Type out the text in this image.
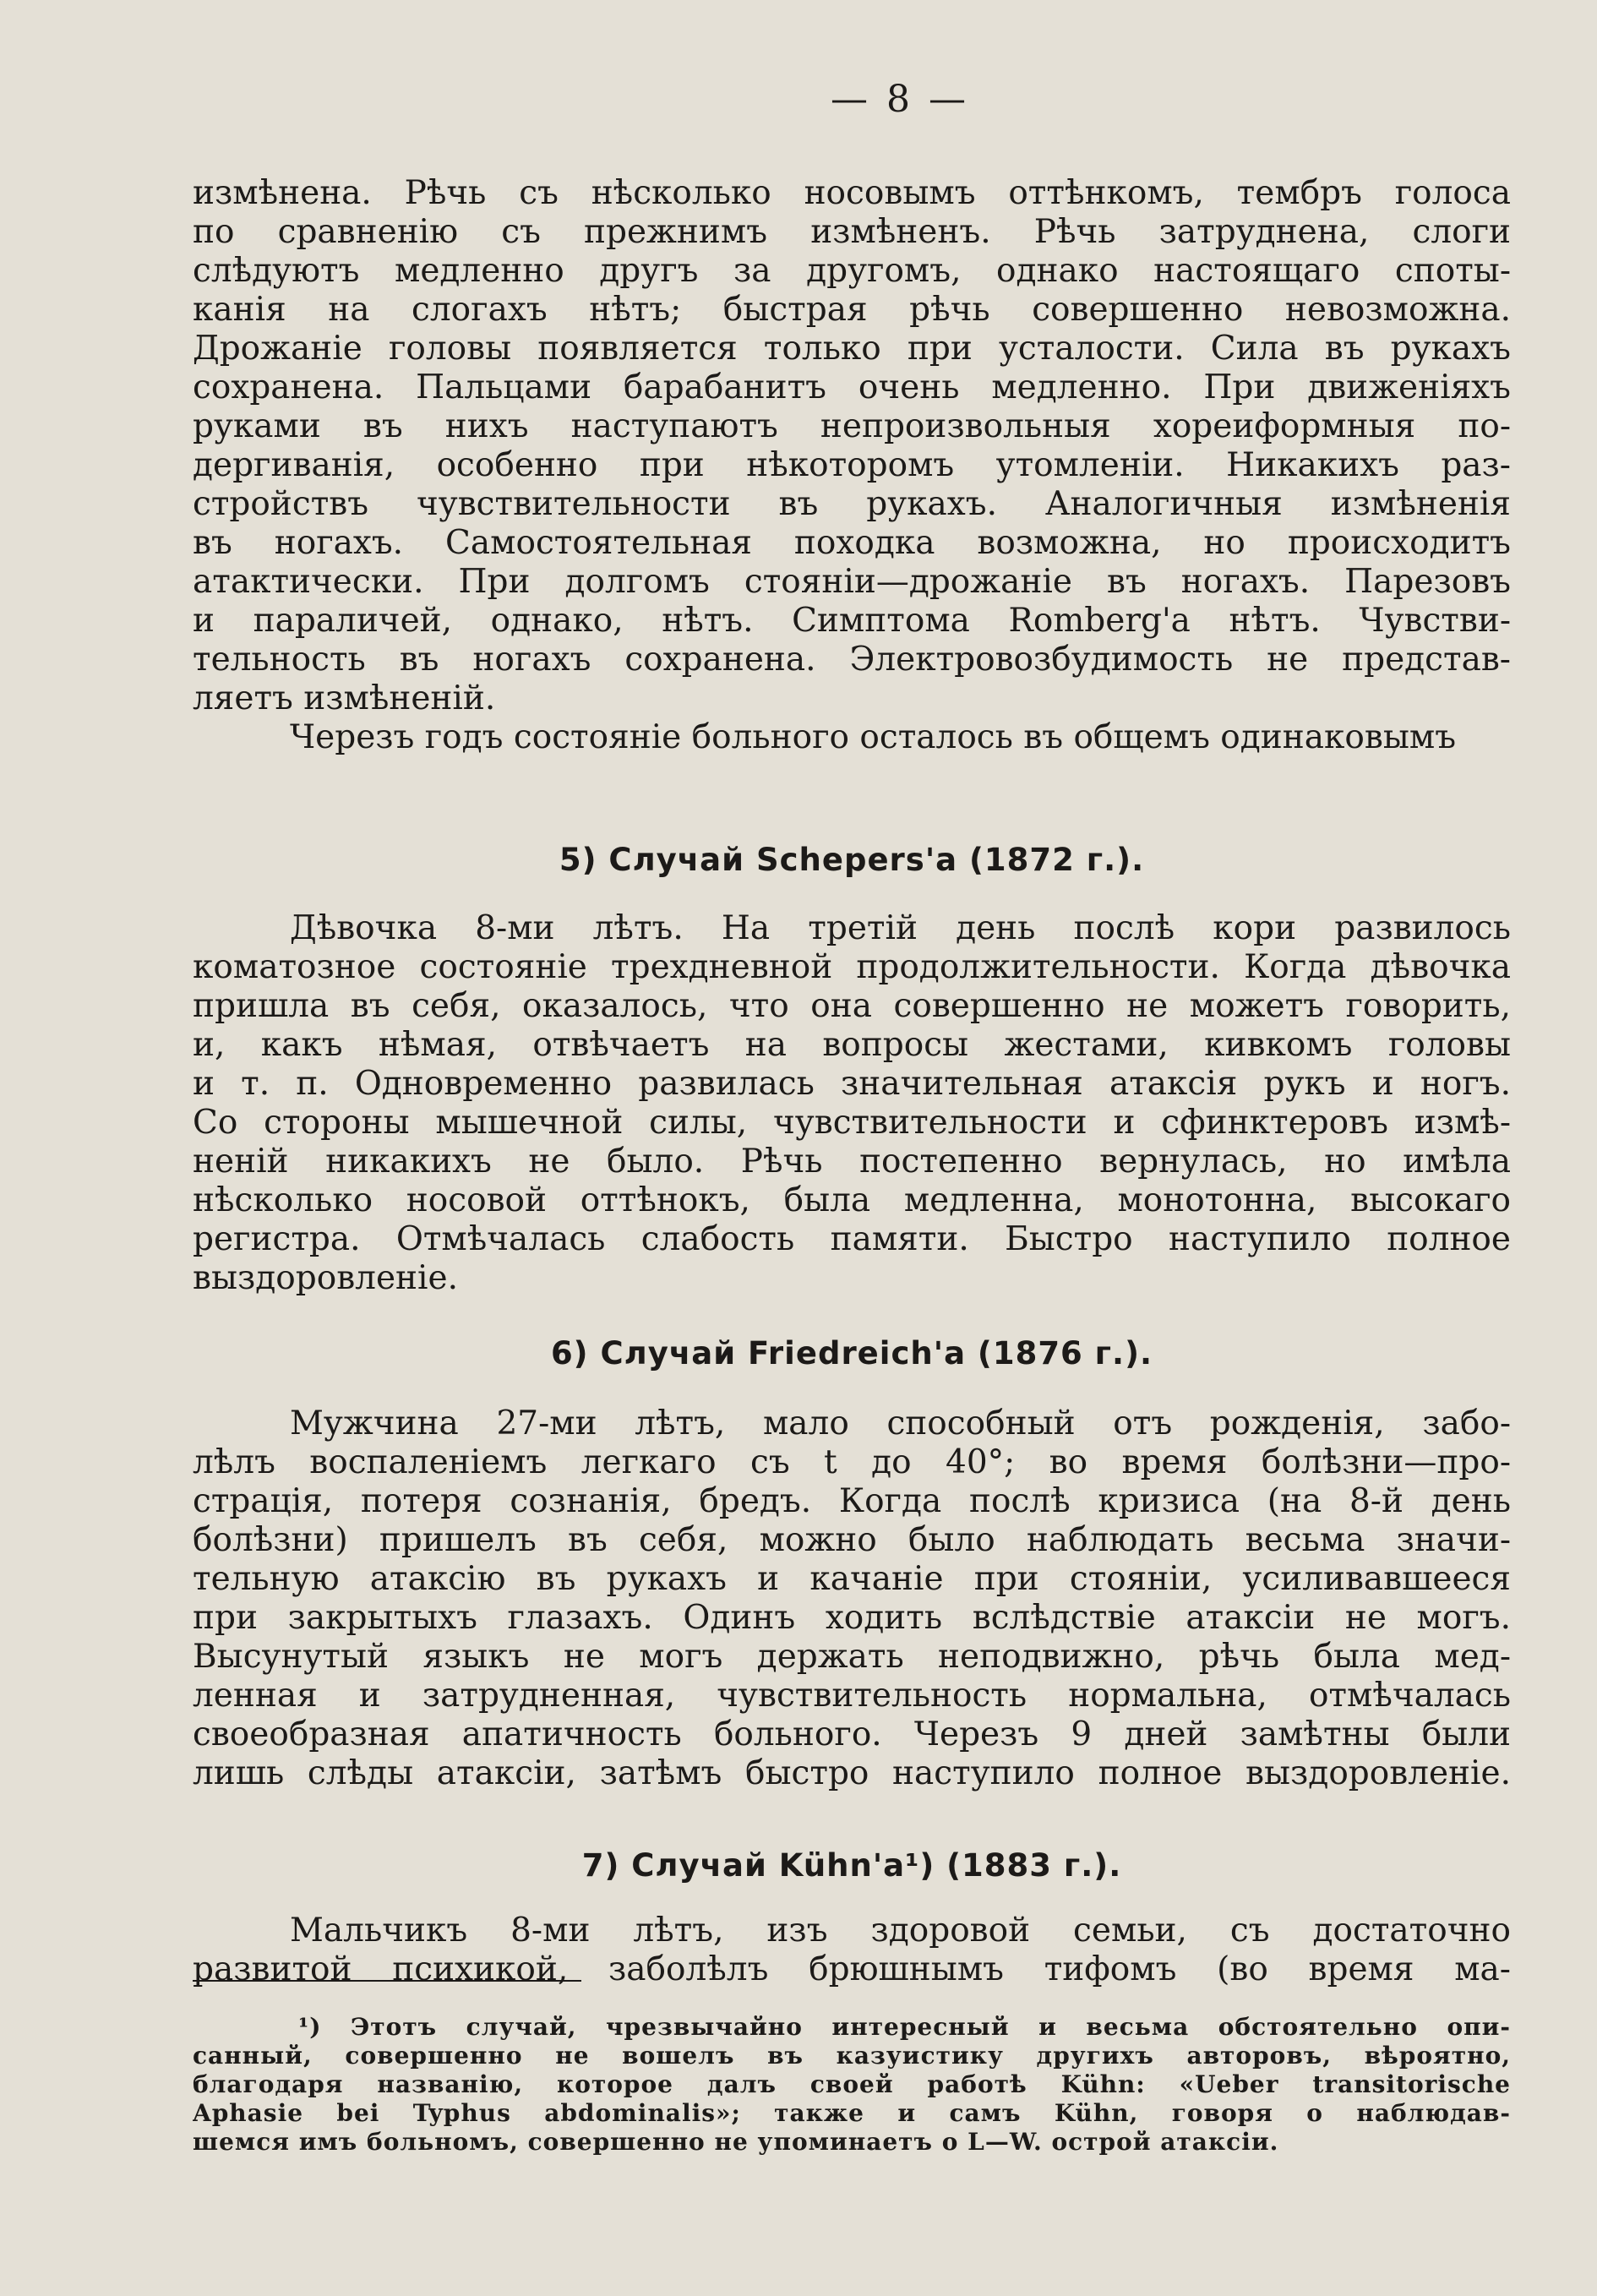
— 8 —
измѣнена. Рѣчь съ нѣсколько носовымъ оттѣнкомъ, тембръ голоса
по сравненію съ прежнимъ измѣненъ. Рѣчь затруднена, слоги
слѣдуютъ медленно другъ за другомъ, однако настоящаго споты-
канія на слогахъ нѣтъ; быстрая рѣчь совершенно невозможна.
Дрожаніе головы появляется только при усталости. Сила въ рукахъ
сохранена. Пальцами барабанитъ очень медленно. При движеніяхъ
руками въ нихъ наступаютъ непроизвольныя хореиформныя по-
дергиванія, особенно при нѣкоторомъ утомленіи. Никакихъ раз-
стройствъ чувствительности въ рукахъ. Аналогичныя измѣненія
въ ногахъ. Самостоятельная походка возможна, но происходитъ
атактически. При долгомъ стояніи—дрожаніе въ ногахъ. Парезовъ
и параличей, однако, нѣтъ. Симптома Romberg'а нѣтъ. Чувстви-
тельность въ ногахъ сохранена. Электровозбудимость не представ-
ляетъ измѣненій.
Черезъ годъ состояніе больного осталось въ общемъ одинаковымъ
5) Случай Schepers'а (1872 г.).
Дѣвочка 8-ми лѣтъ. На третій день послѣ кори развилось
коматозное состояніе трехдневной продолжительности. Когда дѣвочка
пришла въ себя, оказалось, что она совершенно не можетъ говорить,
и, какъ нѣмая, отвѣчаетъ на вопросы жестами, кивкомъ головы
и т. п. Одновременно развилась значительная атаксія рукъ и ногъ.
Со стороны мышечной силы, чувствительности и сфинктеровъ измѣ-
неній никакихъ не было. Рѣчь постепенно вернулась, но имѣла
нѣсколько носовой оттѣнокъ, была медленна, монотонна, высокаго
регистра. Отмѣчалась слабость памяти. Быстро наступило полное
выздоровленіе.
6) Случай Friedreich'а (1876 г.).
Мужчина 27-ми лѣтъ, мало способный отъ рожденія, забо-
лѣлъ воспаленіемъ легкаго съ t до 40°; во время болѣзни—про-
страція, потеря сознанія, бредъ. Когда послѣ кризиса (на 8-й день
болѣзни) пришелъ въ себя, можно было наблюдать весьма значи-
тельную атаксію въ рукахъ и качаніе при стояніи, усиливавшееся
при закрытыхъ глазахъ. Одинъ ходить вслѣдствіе атаксіи не могъ.
Высунутый языкъ не могъ держать неподвижно, рѣчь была мед-
ленная и затрудненная, чувствительность нормальна, отмѣчалась
своеобразная апатичность больного. Черезъ 9 дней замѣтны были
лишь слѣды атаксіи, затѣмъ быстро наступило полное выздоровленіе.
7) Случай Kühn'а¹) (1883 г.).
Мальчикъ 8-ми лѣтъ, изъ здоровой семьи, съ достаточно
развитой психикой, заболѣлъ брюшнымъ тифомъ (во время ма-
¹) Этотъ случай, чрезвычайно интересный и весьма обстоятельно опи-
санный, совершенно не вошелъ въ казуистику другихъ авторовъ, вѣроятно,
благодаря названію, которое далъ своей работѣ Kühn: «Ueber transitorische
Aphasie bei Typhus abdominalis»; также и самъ Kühn, говоря о наблюдав-
шемся имъ больномъ, совершенно не упоминаетъ о L—W. острой атаксіи.
